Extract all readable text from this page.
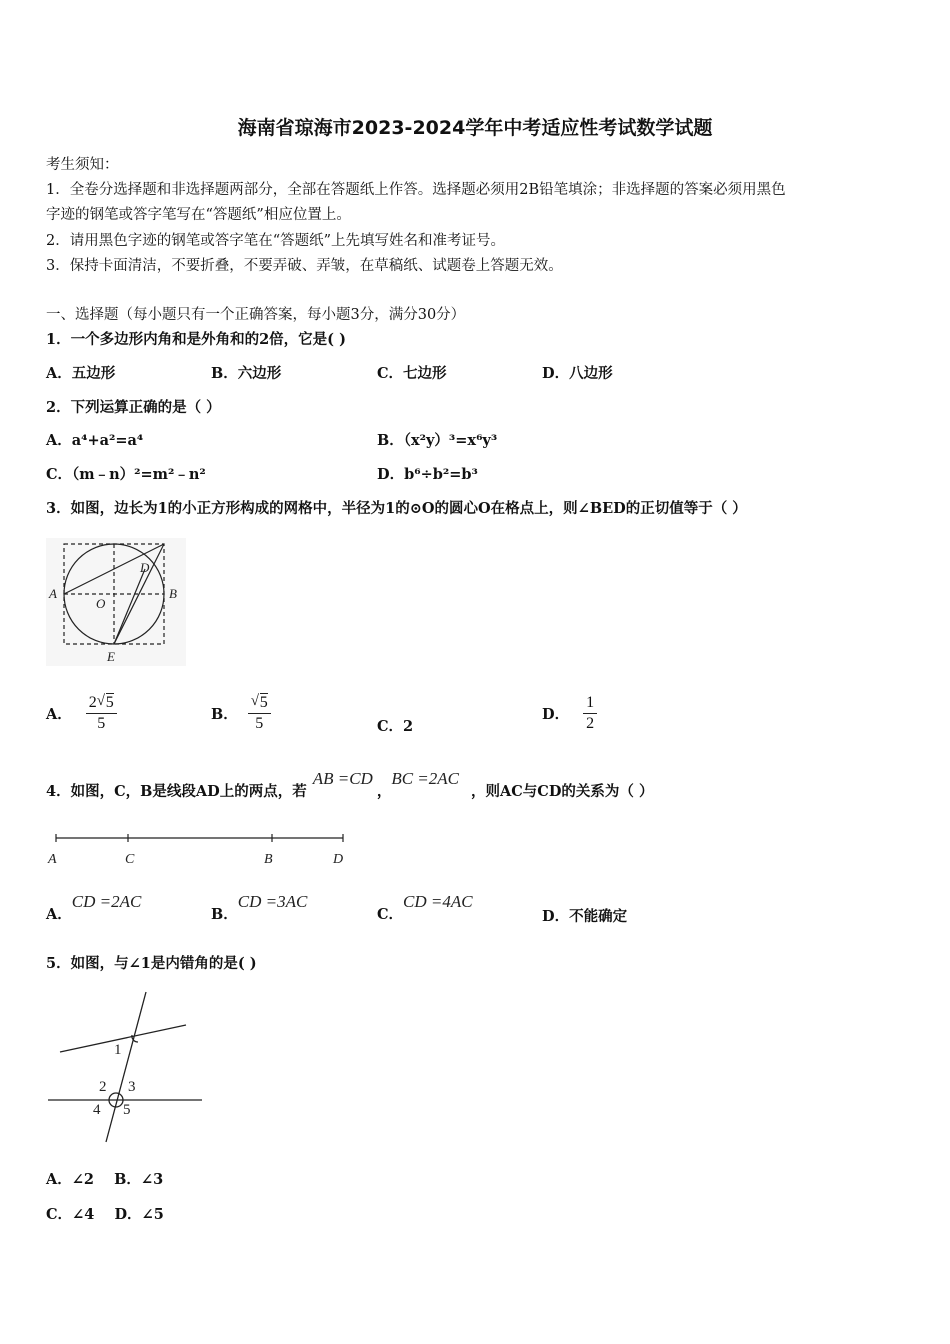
海南省琼海市2023-2024学年中考适应性考试数学试题
考生须知：
1．全卷分选择题和非选择题两部分，全部在答题纸上作答。选择题必须用2B铅笔填涂；非选择题的答案必须用黑色
字迹的钢笔或答字笔写在“答题纸”相应位置上。
2．请用黑色字迹的钢笔或答字笔在“答题纸”上先填写姓名和准考证号。
3．保持卡面清洁，不要折叠，不要弄破、弄皱，在草稿纸、试题卷上答题无效。
一、选择题（每小题只有一个正确答案，每小题3分，满分30分）
1．一个多边形内角和是外角和的2倍，它是( )
A．五边形	B．六边形	C．七边形	D．八边形
2．下列运算正确的是（ ）
A．a⁴+a²=a⁴	B．（x²y）³=x⁶y³
C．（m﹣n）²=m²﹣n²	D．b⁶÷b²=b³
3．如图，边长为1的小正方形构成的网格中，半径为1的⊙O的圆心O在格点上，则∠BED的正切值等于（ ）
A	B
D
O
E
A． $\frac{2 √ 5}{5}$	B． $\frac{√ 5}{5}$	C．2
D． $\frac{1}{2}$
4．如图，C，B是线段AD上的两点，若
AB =CD
，
BC =2AC
，则AC与CD的关系为（ ）
A	C	B	D
A．
CD =2AC
B．
CD =3AC
C．
CD =4AC
D．不能确定
5．如图，与∠1是内错角的是( )
1
2 3
4 5
A．∠2    B．∠3
C．∠4    D．∠5
